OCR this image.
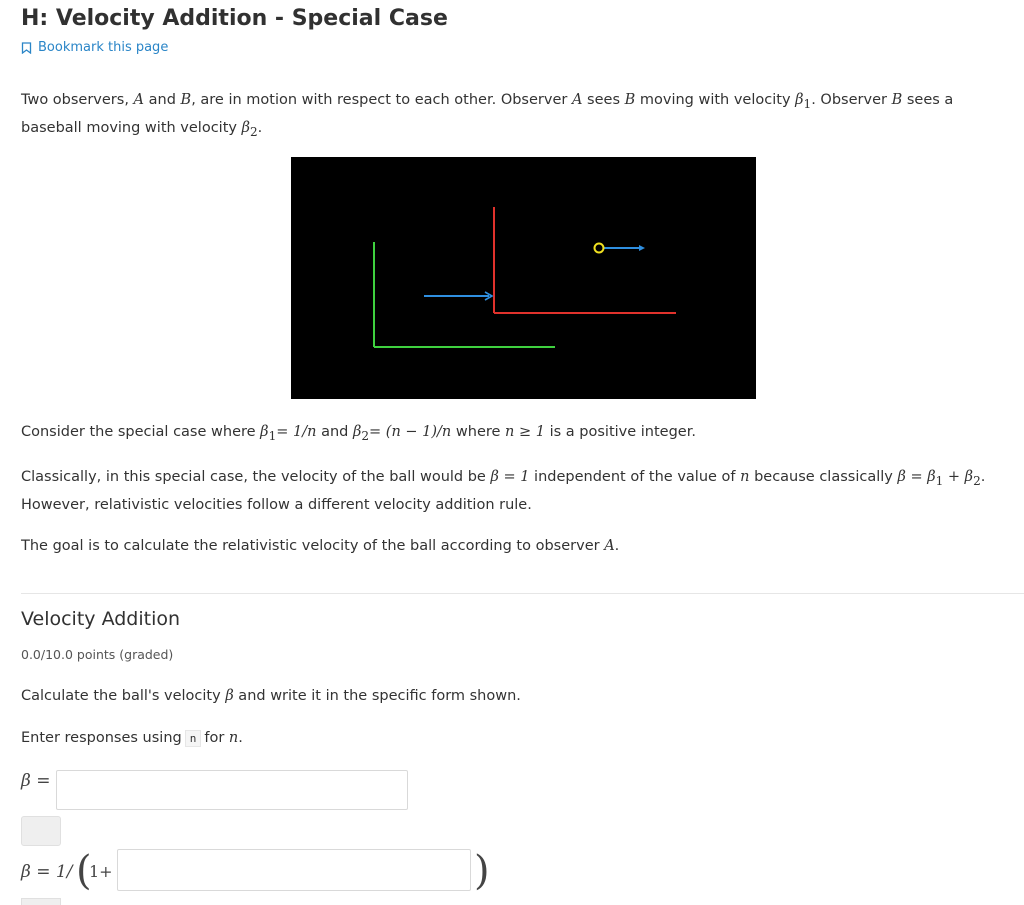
H: Velocity Addition - Special Case
Bookmark this page
Two observers, A and B, are in motion with respect to each other. Observer A sees B moving with velocity $\beta_1$. Observer B sees a baseball moving with velocity $\beta_2$.
Consider the special case where $\beta_1= 1/n$ and $\beta_2= (n - 1)/n$ where n ≥ 1 is a positive integer.
Classically, in this special case, the velocity of the ball would be β = 1 independent of the value of n because classically $\beta = \beta_1 + \beta_2$. However, relativistic velocities follow a different velocity addition rule.
The goal is to calculate the relativistic velocity of the ball according to observer A.
Velocity Addition
0.0/10.0 points (graded)
Calculate the ball's velocity β and write it in the specific form shown.
Enter responses using n for n.
β =
β = 1/ (
1+	)
